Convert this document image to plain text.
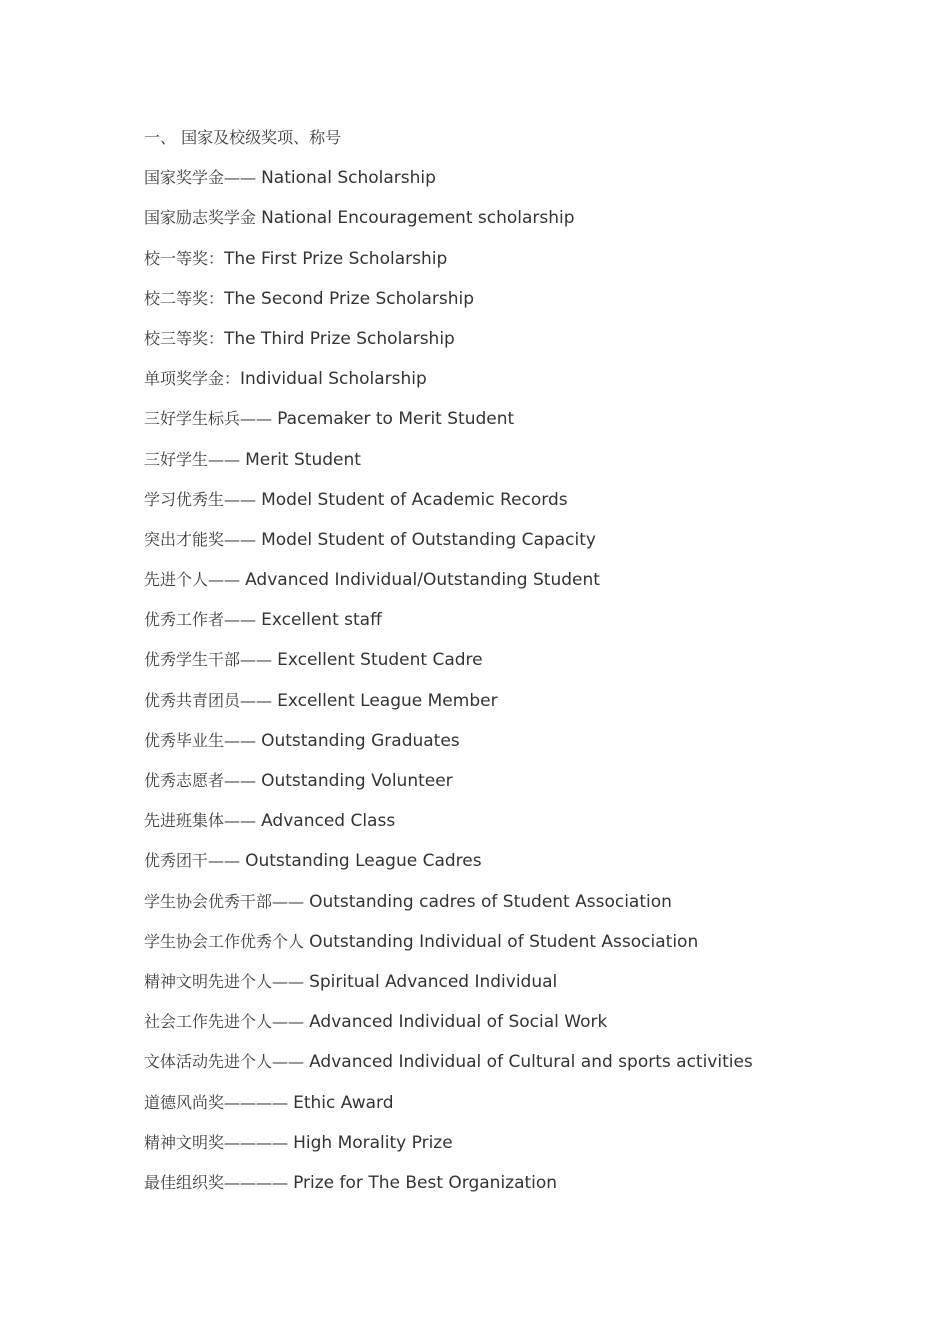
一、 国家及校级奖项、称号
国家奖学金—— National Scholarship
国家励志奖学金 National Encouragement scholarship
校一等奖：The First Prize Scholarship
校二等奖：The Second Prize Scholarship
校三等奖：The Third Prize Scholarship
单项奖学金：Individual Scholarship
三好学生标兵—— Pacemaker to Merit Student
三好学生—— Merit Student
学习优秀生—— Model Student of Academic Records
突出才能奖—— Model Student of Outstanding Capacity
先进个人—— Advanced Individual/Outstanding Student
优秀工作者—— Excellent staff
优秀学生干部—— Excellent Student Cadre
优秀共青团员—— Excellent League Member
优秀毕业生—— Outstanding Graduates
优秀志愿者—— Outstanding Volunteer
先进班集体—— Advanced Class
优秀团干—— Outstanding League Cadres
学生协会优秀干部—— Outstanding cadres of Student Association
学生协会工作优秀个人 Outstanding Individual of Student Association
精神文明先进个人—— Spiritual Advanced Individual
社会工作先进个人—— Advanced Individual of Social Work
文体活动先进个人—— Advanced Individual of Cultural and sports activities
道德风尚奖———— Ethic Award
精神文明奖———— High Morality Prize
最佳组织奖———— Prize for The Best Organization
